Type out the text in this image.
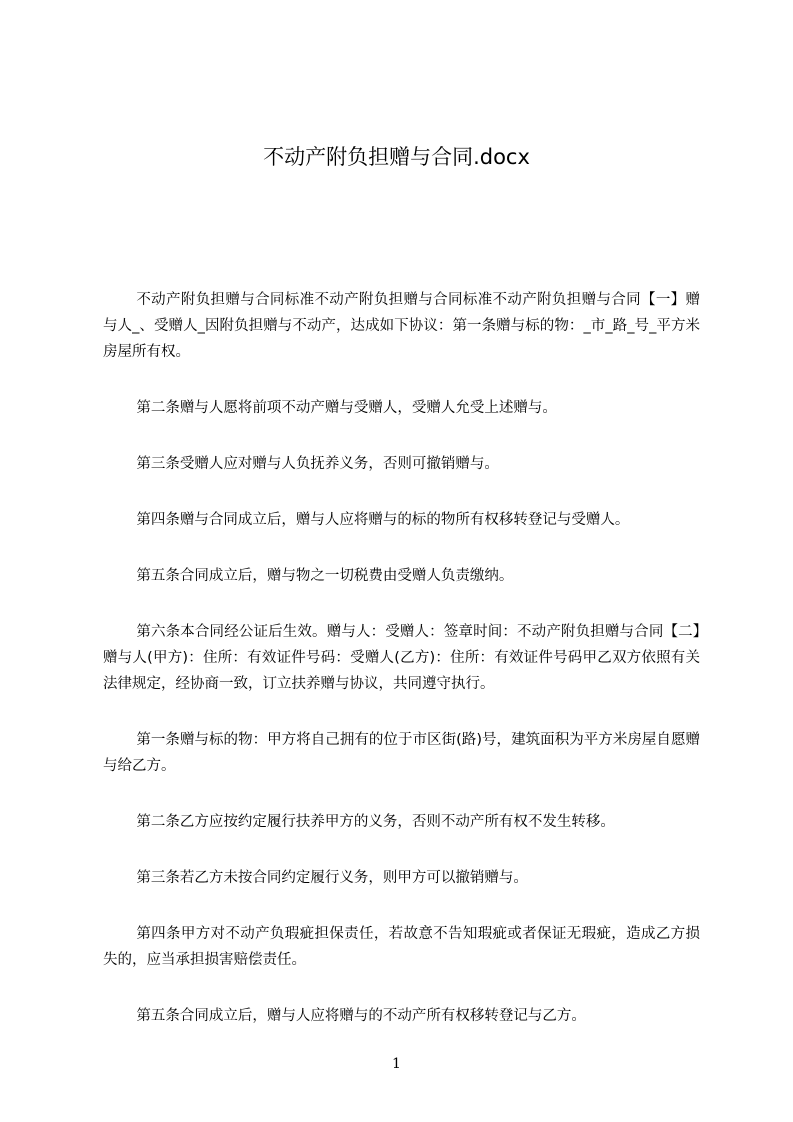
不动产附负担赠与合同.docx

不动产附负担赠与合同标准不动产附负担赠与合同标准不动产附负担赠与合同【一】赠与人_、受赠人_因附负担赠与不动产，达成如下协议：第一条赠与标的物：_市_路_号_平方米房屋所有权。

第二条赠与人愿将前项不动产赠与受赠人，受赠人允受上述赠与。

第三条受赠人应对赠与人负抚养义务，否则可撤销赠与。

第四条赠与合同成立后，赠与人应将赠与的标的物所有权移转登记与受赠人。

第五条合同成立后，赠与物之一切税费由受赠人负责缴纳。

第六条本合同经公证后生效。赠与人：受赠人：签章时间：不动产附负担赠与合同【二】赠与人(甲方)：住所：有效证件号码：受赠人(乙方)：住所：有效证件号码甲乙双方依照有关法律规定，经协商一致，订立扶养赠与协议，共同遵守执行。

第一条赠与标的物：甲方将自己拥有的位于市区街(路)号，建筑面积为平方米房屋自愿赠与给乙方。

第二条乙方应按约定履行扶养甲方的义务，否则不动产所有权不发生转移。

第三条若乙方未按合同约定履行义务，则甲方可以撤销赠与。

第四条甲方对不动产负瑕疵担保责任，若故意不告知瑕疵或者保证无瑕疵，造成乙方损失的，应当承担损害赔偿责任。

第五条合同成立后，赠与人应将赠与的不动产所有权移转登记与乙方。

1
